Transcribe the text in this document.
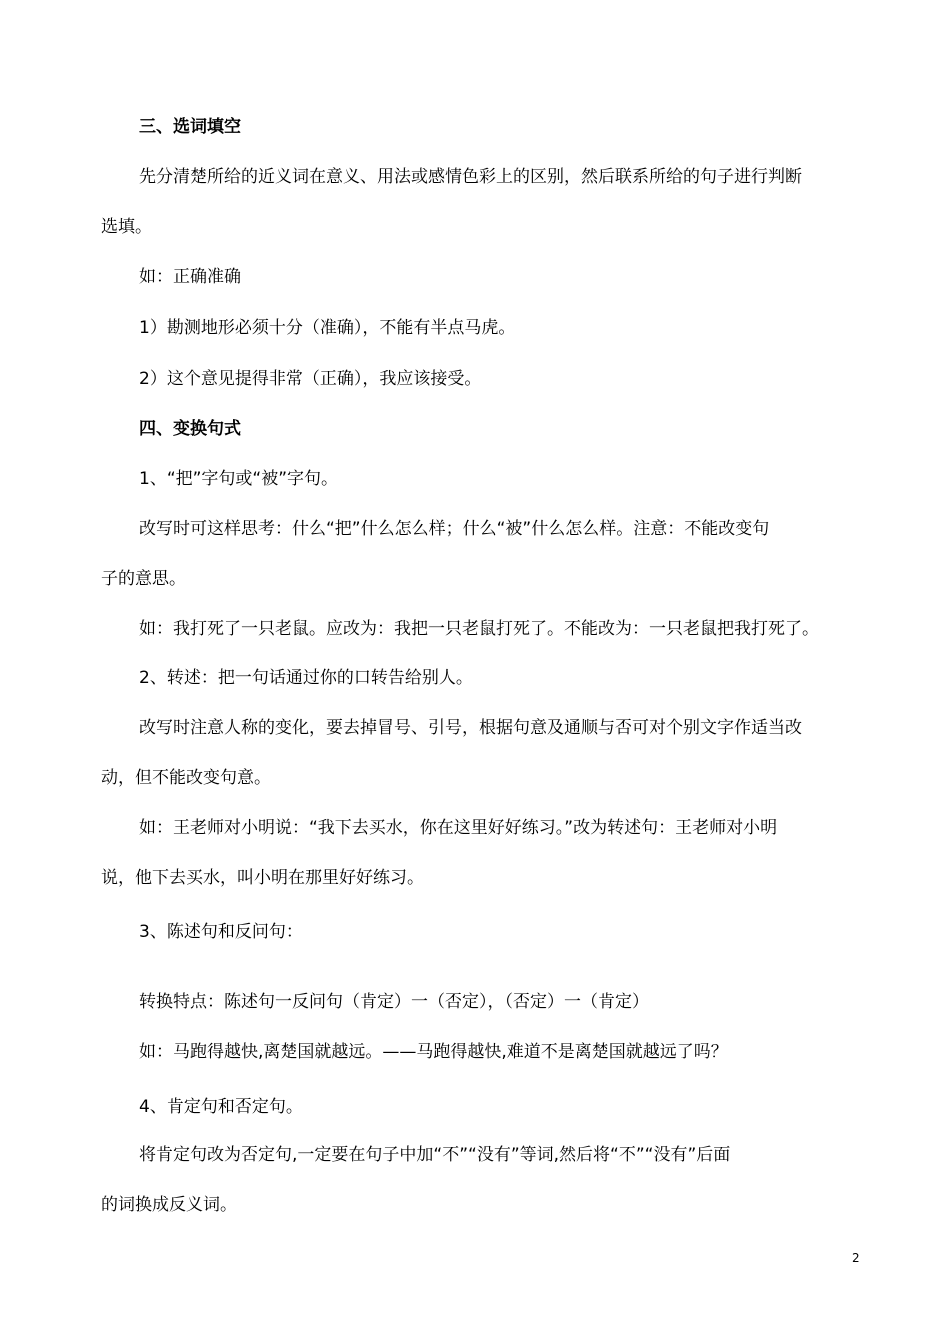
三、选词填空

先分清楚所给的近义词在意义、用法或感情色彩上的区别，然后联系所给的句子进行判断

选填。

如：正确准确

1）勘测地形必须十分（准确），不能有半点马虎。

2）这个意见提得非常（正确），我应该接受。

四、变换句式

1、“把”字句或“被”字句。

改写时可这样思考：什么“把”什么怎么样；什么“被”什么怎么样。注意：不能改变句

子的意思。

如：我打死了一只老鼠。应改为：我把一只老鼠打死了。不能改为：一只老鼠把我打死了。

2、转述：把一句话通过你的口转告给别人。

改写时注意人称的变化，要去掉冒号、引号，根据句意及通顺与否可对个别文字作适当改

动，但不能改变句意。

如：王老师对小明说：“我下去买水，你在这里好好练习。”改为转述句：王老师对小明

说，他下去买水，叫小明在那里好好练习。

3、陈述句和反问句：

转换特点：陈述句一反问句（肯定）一（否定），（否定）一（肯定）

如：马跑得越快,离楚国就越远。——马跑得越快,难道不是离楚国就越远了吗？

4、肯定句和否定句。

将肯定句改为否定句,一定要在句子中加“不”“没有”等词,然后将“不”“没有”后面

的词换成反义词。

2
